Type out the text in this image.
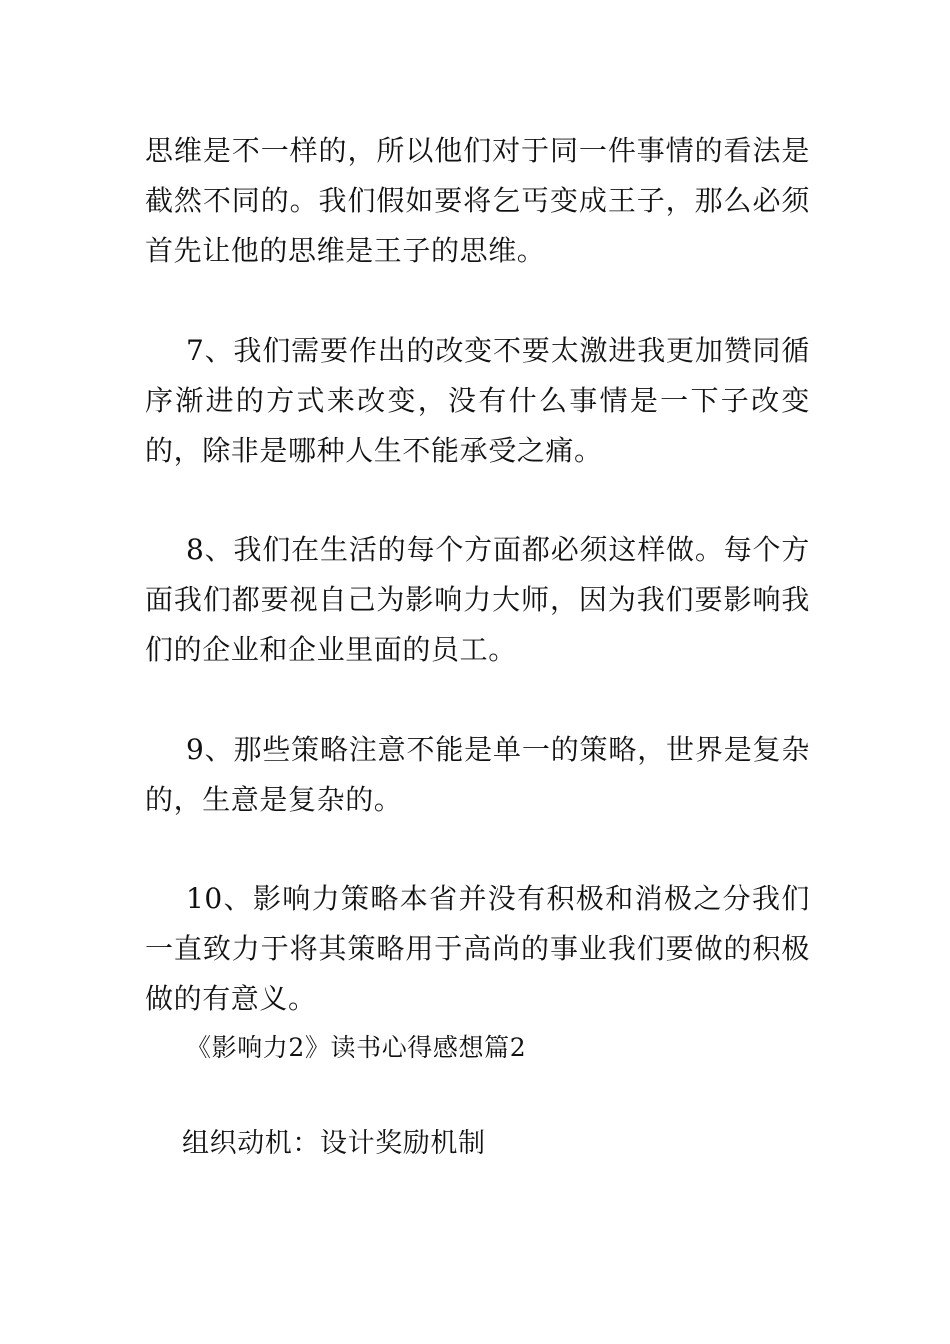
思维是不一样的，所以他们对于同一件事情的看法是截然不同的。我们假如要将乞丐变成王子，那么必须首先让他的思维是王子的思维。

7、我们需要作出的改变不要太激进我更加赞同循序渐进的方式来改变，没有什么事情是一下子改变的，除非是哪种人生不能承受之痛。

8、我们在生活的每个方面都必须这样做。每个方面我们都要视自己为影响力大师，因为我们要影响我们的企业和企业里面的员工。

9、那些策略注意不能是单一的策略，世界是复杂的，生意是复杂的。

10、影响力策略本省并没有积极和消极之分我们一直致力于将其策略用于高尚的事业我们要做的积极做的有意义。

《影响力2》读书心得感想篇2
组织动机：设计奖励机制
